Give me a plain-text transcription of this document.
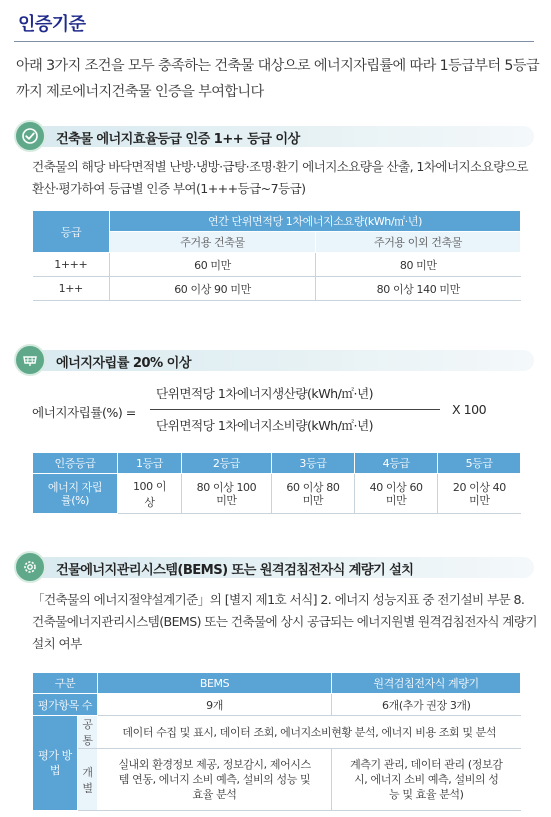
인증기준
아래 3가지 조건을 모두 충족하는 건축물 대상으로 에너지자립률에 따라 1등급부터 5등급까지 제로에너지건축물 인증을 부여합니다
건축물 에너지효율등급 인증 1++ 등급 이상
건축물의 해당 바닥면적별 난방·냉방·급탕·조명·환기 에너지소요량을 산출, 1차에너지소요량으로 환산·평가하여 등급별 인증 부여(1+++등급~7등급)
등급	연간 단위면적당 1차에너지소요량(kWh/㎡·년)	
	주거용 건축물	주거용 이외 건축물
1+++	60 미만	80 미만
1++	60 이상 90 미만	80 이상 140 미만
에너지자립률 20% 이상
에너지자립률(%) =
단위면적당 1차에너지생산량(kWh/㎡·년)
단위면적당 1차에너지소비량(kWh/㎡·년)
X 100
인증등급	1등급	2등급	3등급	4등급	5등급
에너지 자립률(%)	100 이상	80 이상 100 미만	60 이상 80 미만	40 이상 60 미만	20 이상 40 미만
건물에너지관리시스템(BEMS) 또는 원격검침전자식 계량기 설치
「건축물의 에너지절약설계기준」의 [별지 제1호 서식] 2. 에너지 성능지표 중 전기설비 부문 8. 건축물에너지관리시스템(BEMS) 또는 건축물에 상시 공급되는 에너지원별 원격검침전자식 계량기 설치 여부
구분		BEMS	원격검침전자식 계량기
평가항목 수		9개	6개(추가 권장 3개)
평가 방법	공통	데이터 수집 및 표시, 데이터 조회, 에너지소비현황 분석, 에너지 비용 조회 및 분석	
	개별	실내외 환경정보 제공, 정보감시, 제어시스템 연동, 에너지 소비 예측, 설비의 성능 및 효율 분석	계측기 관리, 데이터 관리 (정보감시, 에너지 소비 예측, 설비의 성능 및 효율 분석)
